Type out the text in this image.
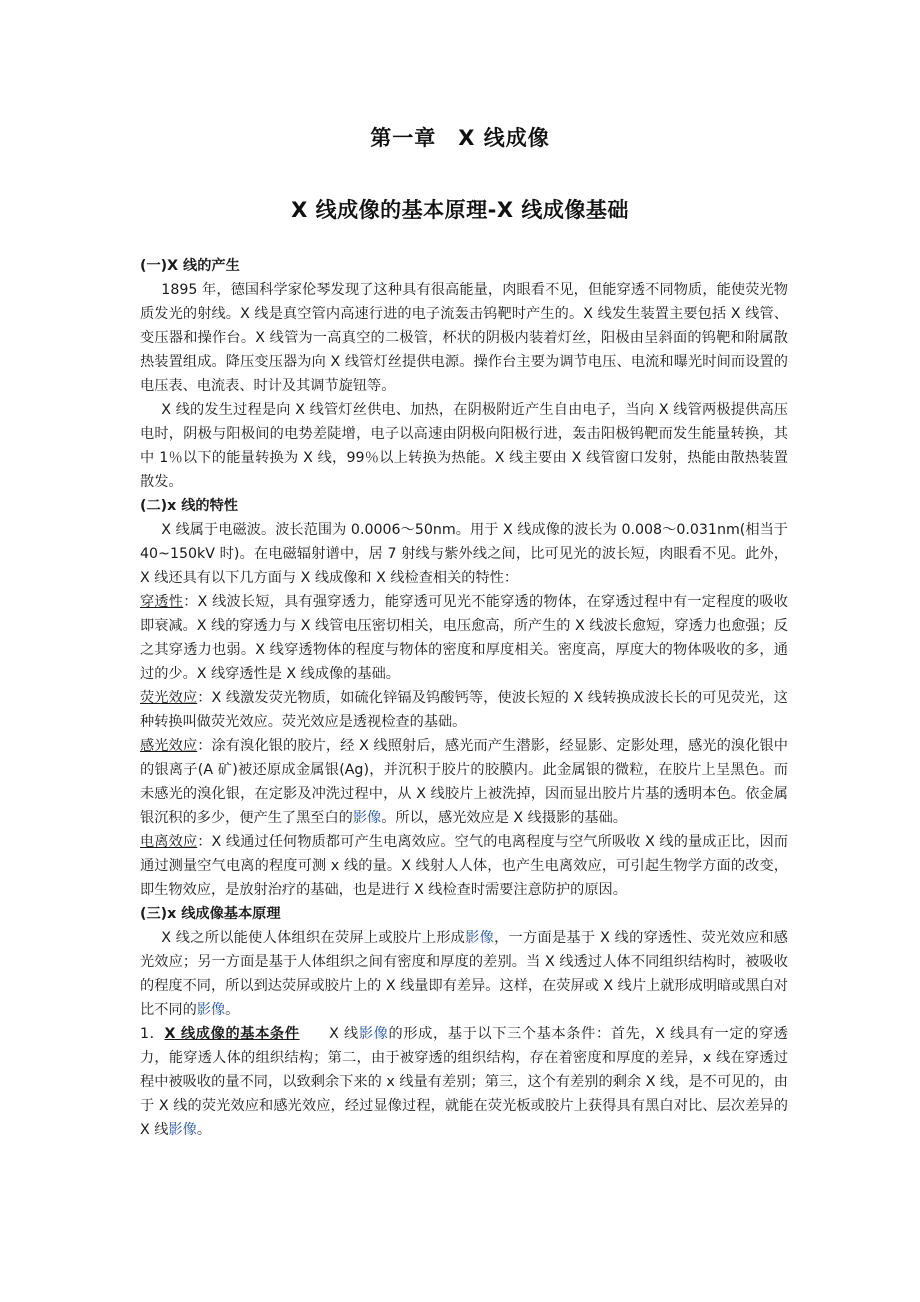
第一章　X 线成像
X 线成像的基本原理-X 线成像基础

(一)X 线的产生

1895 年，德国科学家伦琴发现了这种具有很高能量，肉眼看不见，但能穿透不同物质，能使荧光物质发光的射线。X 线是真空管内高速行进的电子流轰击钨靶时产生的。X 线发生装置主要包括 X 线管、变压器和操作台。X 线管为一高真空的二极管，杯状的阴极内装着灯丝，阳极由呈斜面的钨靶和附属散热装置组成。降压变压器为向 X 线管灯丝提供电源。操作台主要为调节电压、电流和曝光时间而设置的电压表、电流表、时计及其调节旋钮等。

X 线的发生过程是向 X 线管灯丝供电、加热，在阴极附近产生自由电子，当向 X 线管两极提供高压电时，阴极与阳极间的电势差陡增，电子以高速由阴极向阳极行进，轰击阳极钨靶而发生能量转换，其中 1％以下的能量转换为 X 线，99％以上转换为热能。X 线主要由 X 线管窗口发射，热能由散热装置散发。

(二)x 线的特性

X 线属于电磁波。波长范围为 0.0006～50nm。用于 X 线成像的波长为 0.008～0.031nm(相当于 40~150kV 时)。在电磁辐射谱中，居 7 射线与紫外线之间，比可见光的波长短，肉眼看不见。此外，X 线还具有以下几方面与 X 线成像和 X 线检查相关的特性：

穿透性：X 线波长短，具有强穿透力，能穿透可见光不能穿透的物体，在穿透过程中有一定程度的吸收即衰减。X 线的穿透力与 X 线管电压密切相关，电压愈高，所产生的 X 线波长愈短，穿透力也愈强；反之其穿透力也弱。X 线穿透物体的程度与物体的密度和厚度相关。密度高，厚度大的物体吸收的多，通过的少。X 线穿透性是 X 线成像的基础。

荧光效应：X 线激发荧光物质，如硫化锌镉及钨酸钙等，使波长短的 X 线转换成波长长的可见荧光，这种转换叫做荧光效应。荧光效应是透视检查的基础。

感光效应：涂有溴化银的胶片，经 X 线照射后，感光而产生潜影，经显影、定影处理，感光的溴化银中的银离子(A 矿)被还原成金属银(Ag)，并沉积于胶片的胶膜内。此金属银的微粒，在胶片上呈黑色。而未感光的溴化银，在定影及冲洗过程中，从 X 线胶片上被洗掉，因而显出胶片片基的透明本色。依金属银沉积的多少，便产生了黑至白的影像。所以，感光效应是 X 线摄影的基础。

电离效应：X 线通过任何物质都可产生电离效应。空气的电离程度与空气所吸收 X 线的量成正比，因而通过测量空气电离的程度可测 x 线的量。X 线射人人体，也产生电离效应，可引起生物学方面的改变，即生物效应，是放射治疗的基础，也是进行 X 线检查时需要注意防护的原因。

(三)x 线成像基本原理

X 线之所以能使人体组织在荧屏上或胶片上形成影像，一方面是基于 X 线的穿透性、荧光效应和感光效应；另一方面是基于人体组织之间有密度和厚度的差别。当 X 线透过人体不同组织结构时，被吸收的程度不同，所以到达荧屏或胶片上的 X 线量即有差异。这样，在荧屏或 X 线片上就形成明暗或黑白对比不同的影像。

1．X 线成像的基本条件　　X 线影像的形成，基于以下三个基本条件：首先，X 线具有一定的穿透力，能穿透人体的组织结构；第二，由于被穿透的组织结构，存在着密度和厚度的差异，x 线在穿透过程中被吸收的量不同，以致剩余下来的 x 线量有差别；第三，这个有差别的剩余 X 线，是不可见的，由于 X 线的荧光效应和感光效应，经过显像过程，就能在荧光板或胶片上获得具有黑白对比、层次差异的 X 线影像。
